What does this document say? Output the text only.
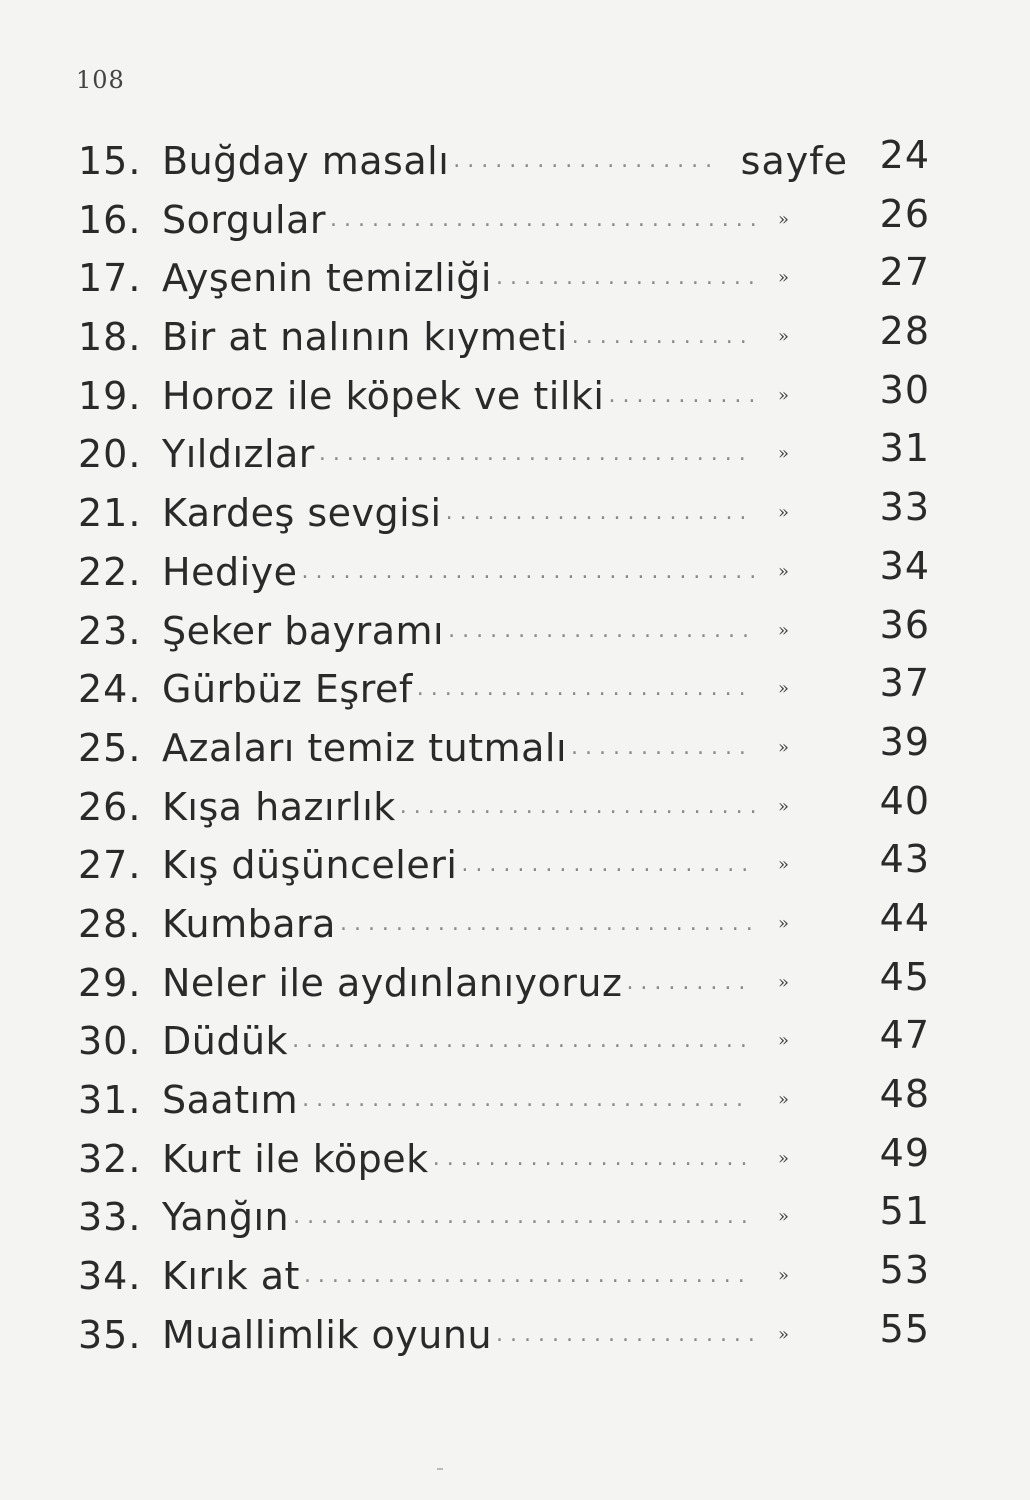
108
15. Buğday masalı ................... sayfe 24
16. Sorgular ............................... »	26
17. Ayşenin temizliği ................... »	27
18. Bir at nalının kıymeti .............	»	28
19. Horoz ile köpek ve tilki ........... »	30
20. Yıldızlar ...............................	»	31
21. Kardeş sevgisi ......................	»	33
22. Hediye ................................. »	34
23. Şeker bayramı ......................	»	36
24. Gürbüz Eşref ........................	»	37
25. Azaları temiz tutmalı .............	»	39
26. Kışa hazırlık .......................... »	40
27. Kış düşünceleri .....................	»	43
28. Kumbara .............................. »	44
29. Neler ile aydınlanıyoruz .........	»	45
30. Düdük .................................	»	47
31. Saatım ................................	»	48
32. Kurt ile köpek .......................	»	49
33. Yanğın .................................	»	51
34. Kırık at ................................	»	53
35. Muallimlik oyunu ................... »	55
